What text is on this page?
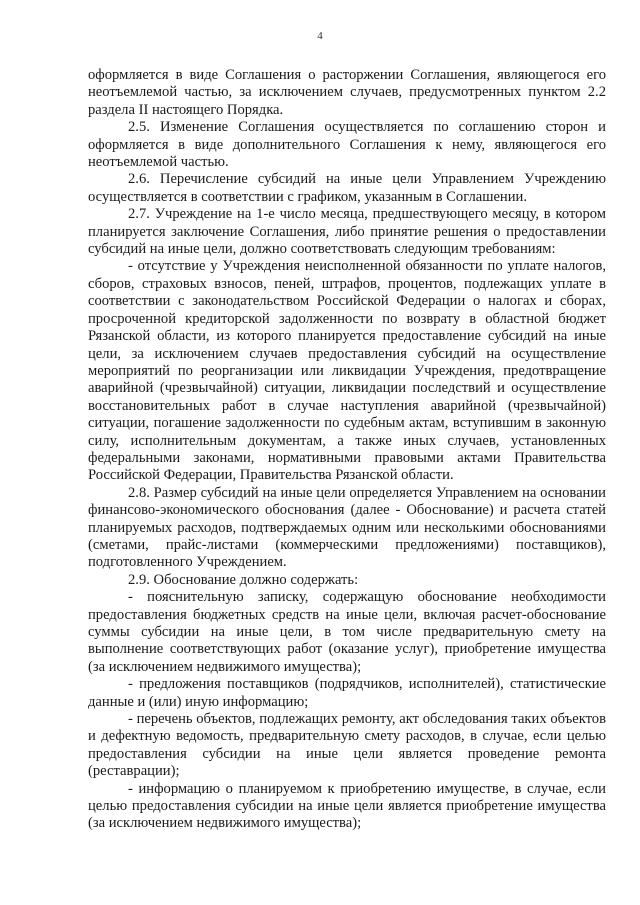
4

оформляется в виде Соглашения о расторжении Соглашения, являющегося его неотъемлемой частью, за исключением случаев, предусмотренных пунктом 2.2 раздела II настоящего Порядка.

2.5. Изменение Соглашения осуществляется по соглашению сторон и оформляется в виде дополнительного Соглашения к нему, являющегося его неотъемлемой частью.

2.6. Перечисление субсидий на иные цели Управлением Учреждению осуществляется в соответствии с графиком, указанным в Соглашении.

2.7. Учреждение на 1-е число месяца, предшествующего месяцу, в котором планируется заключение Соглашения, либо принятие решения о предоставлении субсидий на иные цели, должно соответствовать следующим требованиям:

- отсутствие у Учреждения неисполненной обязанности по уплате налогов, сборов, страховых взносов, пеней, штрафов, процентов, подлежащих уплате в соответствии с законодательством Российской Федерации о налогах и сборах, просроченной кредиторской задолженности по возврату в областной бюджет Рязанской области, из которого планируется предоставление субсидий на иные цели, за исключением случаев предоставления субсидий на осуществление мероприятий по реорганизации или ликвидации Учреждения, предотвращение аварийной (чрезвычайной) ситуации, ликвидации последствий и осуществление восстановительных работ в случае наступления аварийной (чрезвычайной) ситуации, погашение задолженности по судебным актам, вступившим в законную силу, исполнительным документам, а также иных случаев, установленных федеральными законами, нормативными правовыми актами Правительства Российской Федерации, Правительства Рязанской области.

2.8. Размер субсидий на иные цели определяется Управлением на основании финансово-экономического обоснования (далее - Обоснование) и расчета статей планируемых расходов, подтверждаемых одним или несколькими обоснованиями (сметами, прайс-листами (коммерческими предложениями) поставщиков), подготовленного Учреждением.

2.9. Обоснование должно содержать:

- пояснительную записку, содержащую обоснование необходимости предоставления бюджетных средств на иные цели, включая расчет-обоснование суммы субсидии на иные цели, в том числе предварительную смету на выполнение соответствующих работ (оказание услуг), приобретение имущества (за исключением недвижимого имущества);

- предложения поставщиков (подрядчиков, исполнителей), статистические данные и (или) иную информацию;

- перечень объектов, подлежащих ремонту, акт обследования таких объектов и дефектную ведомость, предварительную смету расходов, в случае, если целью предоставления субсидии на иные цели является проведение ремонта (реставрации);

- информацию о планируемом к приобретению имуществе, в случае, если целью предоставления субсидии на иные цели является приобретение имущества (за исключением недвижимого имущества);
